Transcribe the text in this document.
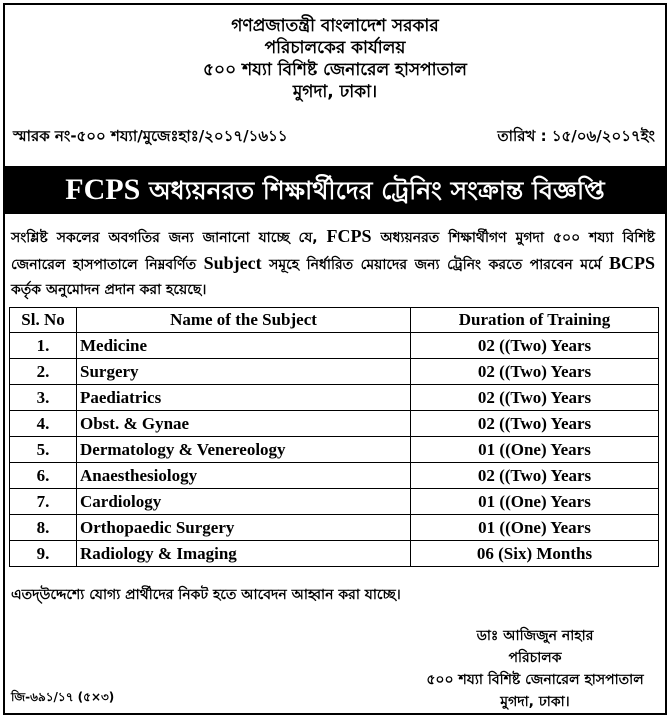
গণপ্রজাতন্ত্রী বাংলাদেশ সরকার
পরিচালকের কার্যালয়
৫০০ শয্যা বিশিষ্ট জেনারেল হাসপাতাল
মুগদা, ঢাকা।
স্মারক নং-৫০০ শয্যা/মুজেঃহাঃ/২০১৭/১৬১১	তারিখ : ১৫/০৬/২০১৭ইং
FCPS অধ্যয়নরত শিক্ষার্থীদের ট্রেনিং সংক্রান্ত বিজ্ঞপ্তি
সংশ্লিষ্ট সকলের অবগতির জন্য জানানো যাচ্ছে যে, FCPS অধ্যয়নরত শিক্ষার্থীগণ মুগদা ৫০০ শয্যা বিশিষ্ট জেনারেল হাসপাতালে নিম্নবর্ণিত Subject সমূহে নির্ধারিত মেয়াদের জন্য ট্রেনিং করতে পারবেন মর্মে BCPS কর্তৃক অনুমোদন প্রদান করা হয়েছে।
Sl. No	Name of the Subject	Duration of Training
1.	Medicine	02 ((Two) Years
2.	Surgery	02 ((Two) Years
3.	Paediatrics	02 ((Two) Years
4.	Obst. & Gynae	02 ((Two) Years
5.	Dermatology & Venereology	01 ((One) Years
6.	Anaesthesiology	02 ((Two) Years
7.	Cardiology	01 ((One) Years
8.	Orthopaedic Surgery	01 ((One) Years
9.	Radiology & Imaging	06 (Six) Months
এতদ্‌উদ্দেশ্যে যোগ্য প্রার্থীদের নিকট হতে আবেদন আহ্বান করা যাচ্ছে।
ডাঃ আজিজুন নাহার
পরিচালক
৫০০ শয্যা বিশিষ্ট জেনারেল হাসপাতাল
মুগদা, ঢাকা।
জি-৬৯১/১৭ (৫×৩)
